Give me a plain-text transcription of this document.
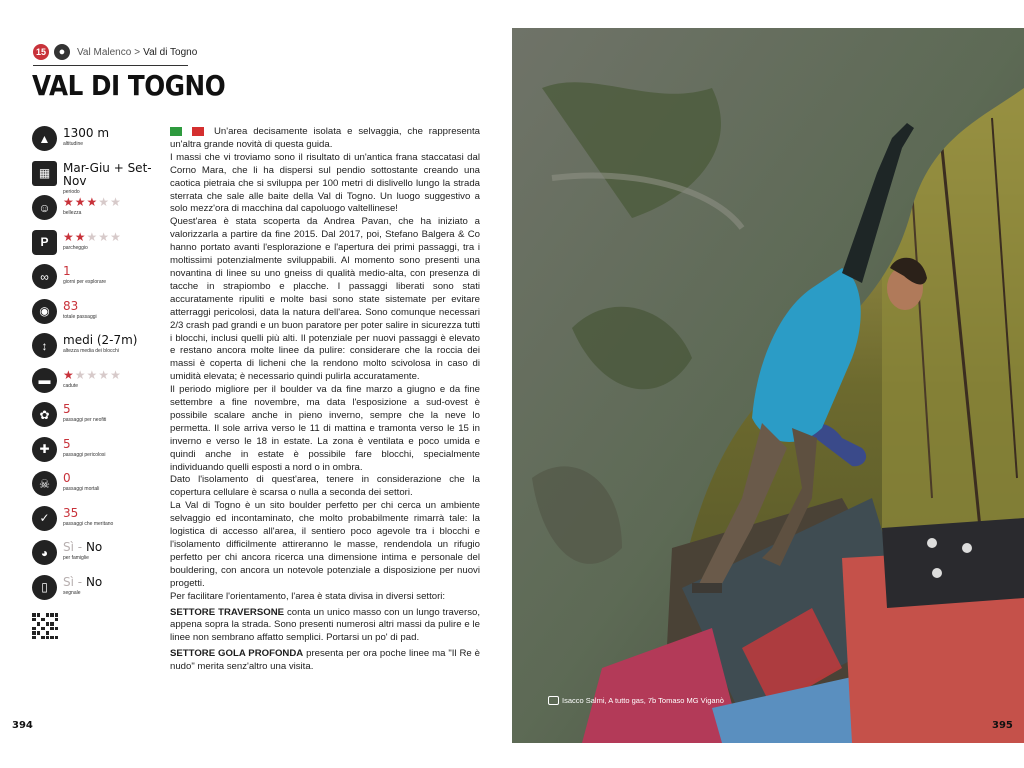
15	●	Val Malenco > Val di Togno
VAL DI TOGNO
▲	1300 m
altitudine
▦	Mar-Giu + Set-Nov
periodo
☺	★★★★★
bellezza
P	★★★★★
parcheggio
∞	1
giorni per esplorare
◉	83
totale passaggi
↕	medi (2-7m)
altezza media dei blocchi
▬	★★★★★
cadute
✿	5
passaggi per neofiti
✚	5
passaggi pericolosi
☠	0
passaggi mortali
✓	35
passaggi che meritano
◕	Sì - No
per famiglie
▯	Sì - No
segnale

Un'area decisamente isolata e selvaggia, che rappresenta un'altra grande novità di questa guida.

I massi che vi troviamo sono il risultato di un'antica frana staccatasi dal Corno Mara, che li ha dispersi sul pendio sottostante creando una caotica pietraia che si sviluppa per 100 metri di dislivello lungo la strada sterrata che sale alle baite della Val di Togno. Un luogo suggestivo a solo mezz'ora di macchina dal capoluogo valtellinese!

Quest'area è stata scoperta da Andrea Pavan, che ha iniziato a valorizzarla a partire da fine 2015. Dal 2017, poi, Stefano Balgera & Co hanno portato avanti l'esplorazione e l'apertura dei primi passaggi, tra i moltissimi potenzialmente sviluppabili. Al momento sono presenti una novantina di linee su uno gneiss di qualità medio-alta, con presenza di tacche in strapiombo e placche. I passaggi liberati sono stati accuratamente ripuliti e molte basi sono state sistemate per evitare atterraggi pericolosi, data la natura dell'area. Sono comunque necessari 2/3 crash pad grandi e un buon paratore per poter salire in sicurezza tutti i blocchi, inclusi quelli più alti. Il potenziale per nuovi passaggi è elevato e restano ancora molte linee da pulire: considerare che la roccia dei massi è coperta di licheni che la rendono molto scivolosa in caso di umidità elevata; è necessario quindi pulirla accuratamente.

Il periodo migliore per il boulder va da fine marzo a giugno e da fine settembre a fine novembre, ma data l'esposizione a sud-ovest è possibile scalare anche in pieno inverno, sempre che la neve lo permetta. Il sole arriva verso le 11 di mattina e tramonta verso le 15 in inverno e verso le 18 in estate. La zona è ventilata e poco umida e quindi anche in estate è possibile fare blocchi, specialmente individuando quelli esposti a nord o in ombra.

Dato l'isolamento di quest'area, tenere in considerazione che la copertura cellulare è scarsa o nulla a seconda dei settori.

La Val di Togno è un sito boulder perfetto per chi cerca un ambiente selvaggio ed incontaminato, che molto probabilmente rimarrà tale: la logistica di accesso all'area, il sentiero poco agevole tra i blocchi e l'isolamento difficilmente attireranno le masse, rendendola un rifugio perfetto per chi ancora ricerca una dimensione intima e personale del bouldering, con ancora un notevole potenziale a disposizione per nuovi progetti.

Per facilitare l'orientamento, l'area è stata divisa in diversi settori:

SETTORE TRAVERSONE conta un unico masso con un lungo traverso, appena sopra la strada. Sono presenti numerosi altri massi da pulire e le linee non sembrano affatto semplici. Portarsi un po' di pad.

SETTORE GOLA PROFONDA presenta per ora poche linee ma "Il Re è nudo" merita senz'altro una visita.

394
Isacco Salmi, A tutto gas, 7b Tomaso MG Viganò
395
